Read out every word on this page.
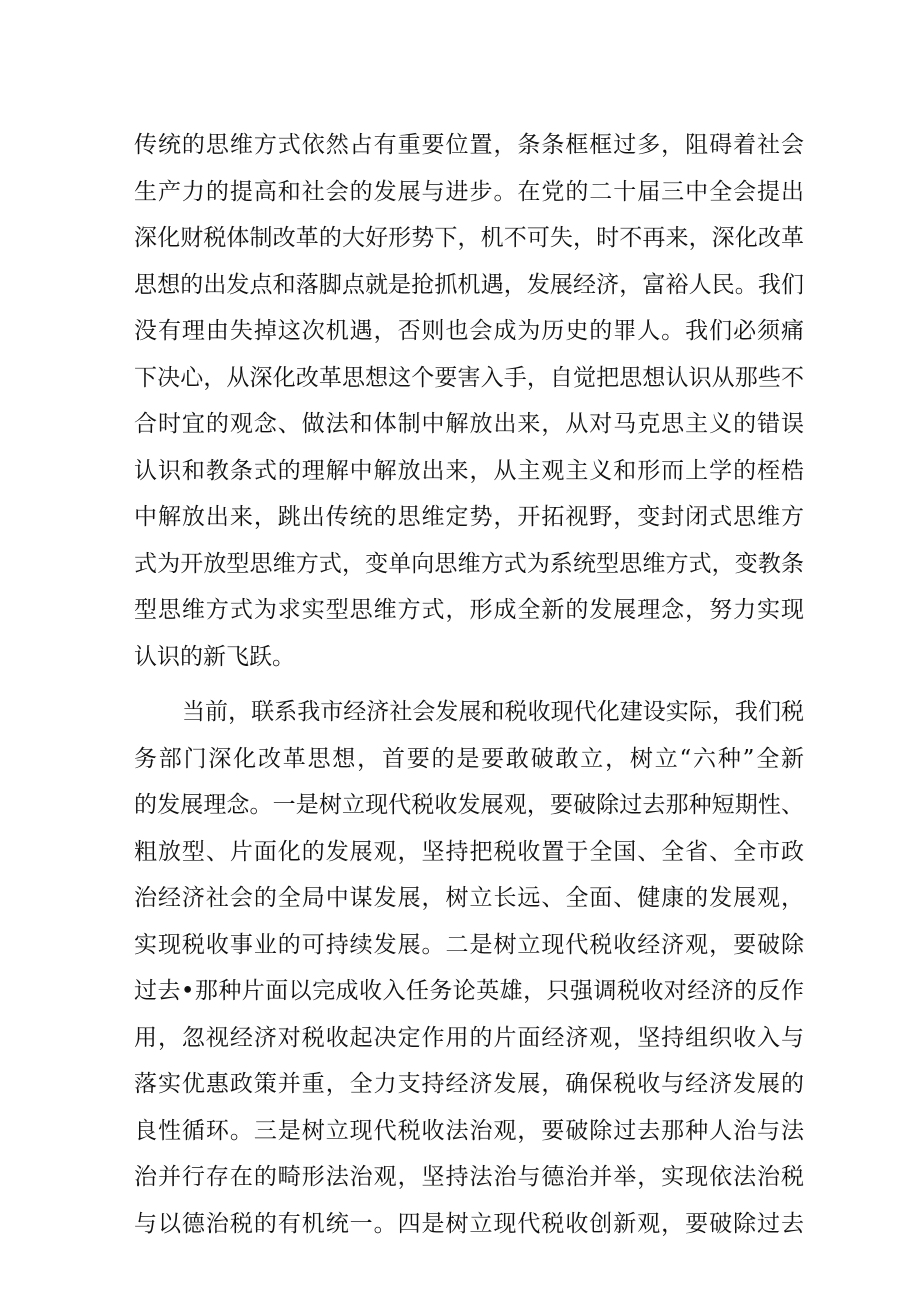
传统的思维方式依然占有重要位置，条条框框过多，阻碍着社会
生产力的提高和社会的发展与进步。在党的二十届三中全会提出
深化财税体制改革的大好形势下，机不可失，时不再来，深化改革
思想的出发点和落脚点就是抢抓机遇，发展经济，富裕人民。我们
没有理由失掉这次机遇，否则也会成为历史的罪人。我们必须痛
下决心，从深化改革思想这个要害入手，自觉把思想认识从那些不
合时宜的观念、做法和体制中解放出来，从对马克思主义的错误
认识和教条式的理解中解放出来，从主观主义和形而上学的桎梏
中解放出来，跳出传统的思维定势，开拓视野，变封闭式思维方
式为开放型思维方式，变单向思维方式为系统型思维方式，变教条
型思维方式为求实型思维方式，形成全新的发展理念，努力实现
认识的新飞跃。
当前，联系我市经济社会发展和税收现代化建设实际，我们税
务部门深化改革思想，首要的是要敢破敢立，树立“六种”全新
的发展理念。一是树立现代税收发展观，要破除过去那种短期性、
粗放型、片面化的发展观，坚持把税收置于全国、全省、全市政
治经济社会的全局中谋发展，树立长远、全面、健康的发展观，
实现税收事业的可持续发展。二是树立现代税收经济观，要破除
过去•那种片面以完成收入任务论英雄，只强调税收对经济的反作
用，忽视经济对税收起决定作用的片面经济观，坚持组织收入与
落实优惠政策并重，全力支持经济发展，确保税收与经济发展的
良性循环。三是树立现代税收法治观，要破除过去那种人治与法
治并行存在的畸形法治观，坚持法治与德治并举，实现依法治税
与以德治税的有机统一。四是树立现代税收创新观，要破除过去
